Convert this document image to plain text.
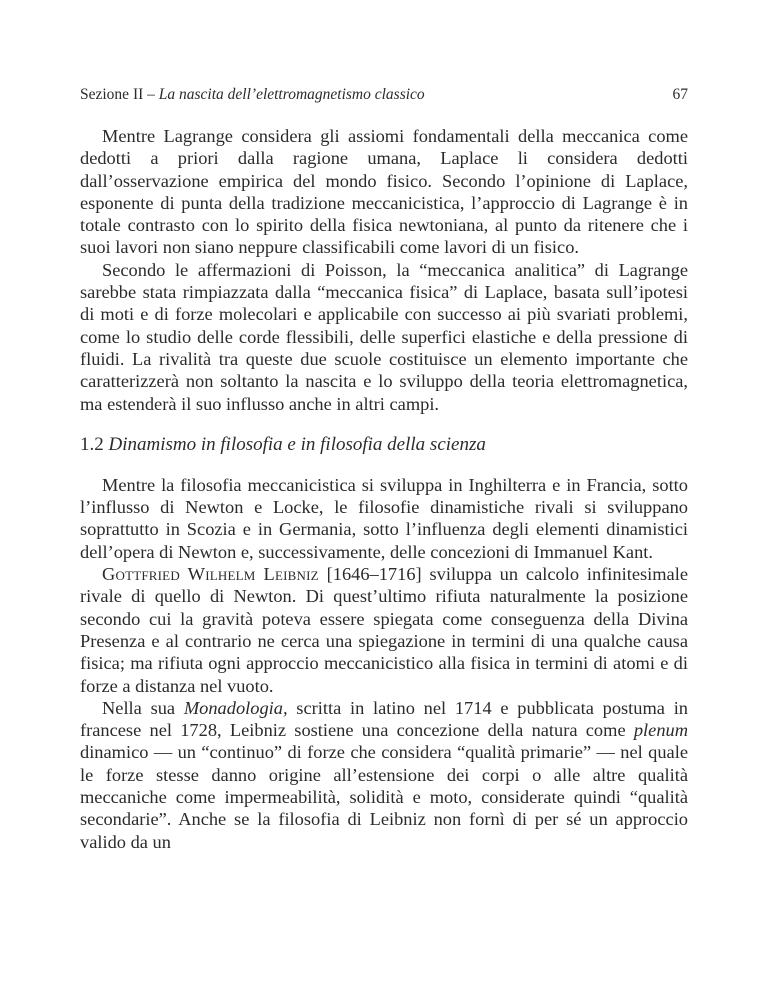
Sezione II – La nascita dell’elettromagnetismo classico	67

Mentre Lagrange considera gli assiomi fondamentali della meccanica come dedotti a priori dalla ragione umana, Laplace li considera dedotti dall’osservazione empirica del mondo fisico. Secondo l’opinione di Laplace, esponente di punta della tradizione meccanicistica, l’approccio di Lagrange è in totale contrasto con lo spirito della fisica newtoniana, al punto da ritenere che i suoi lavori non siano neppure classificabili come lavori di un fisico.

Secondo le affermazioni di Poisson, la “meccanica analitica” di Lagrange sarebbe stata rimpiazzata dalla “meccanica fisica” di Laplace, basata sull’ipotesi di moti e di forze molecolari e applicabile con successo ai più svariati problemi, come lo studio delle corde flessibili, delle superfici elastiche e della pressione di fluidi. La rivalità tra queste due scuole costituisce un elemento importante che caratterizzerà non soltanto la nascita e lo sviluppo della teoria elettromagnetica, ma estenderà il suo influsso anche in altri campi.

1.2 Dinamismo in filosofia e in filosofia della scienza

Mentre la filosofia meccanicistica si sviluppa in Inghilterra e in Francia, sotto l’influsso di Newton e Locke, le filosofie dinamistiche rivali si sviluppano soprattutto in Scozia e in Germania, sotto l’influenza degli elementi dinamistici dell’opera di Newton e, successivamente, delle concezioni di Immanuel Kant.

Gottfried Wilhelm Leibniz [1646–1716] sviluppa un calcolo infinitesimale rivale di quello di Newton. Di quest’ultimo rifiuta naturalmente la posizione secondo cui la gravità poteva essere spiegata come conseguenza della Divina Presenza e al contrario ne cerca una spiegazione in termini di una qualche causa fisica; ma rifiuta ogni approccio meccanicistico alla fisica in termini di atomi e di forze a distanza nel vuoto.

Nella sua Monadologia, scritta in latino nel 1714 e pubblicata postuma in francese nel 1728, Leibniz sostiene una concezione della natura come plenum dinamico — un “continuo” di forze che considera “qualità primarie” — nel quale le forze stesse danno origine all’estensione dei corpi o alle altre qualità meccaniche come impermeabilità, solidità e moto, considerate quindi “qualità secondarie”. Anche se la filosofia di Leibniz non fornì di per sé un approccio valido da un
